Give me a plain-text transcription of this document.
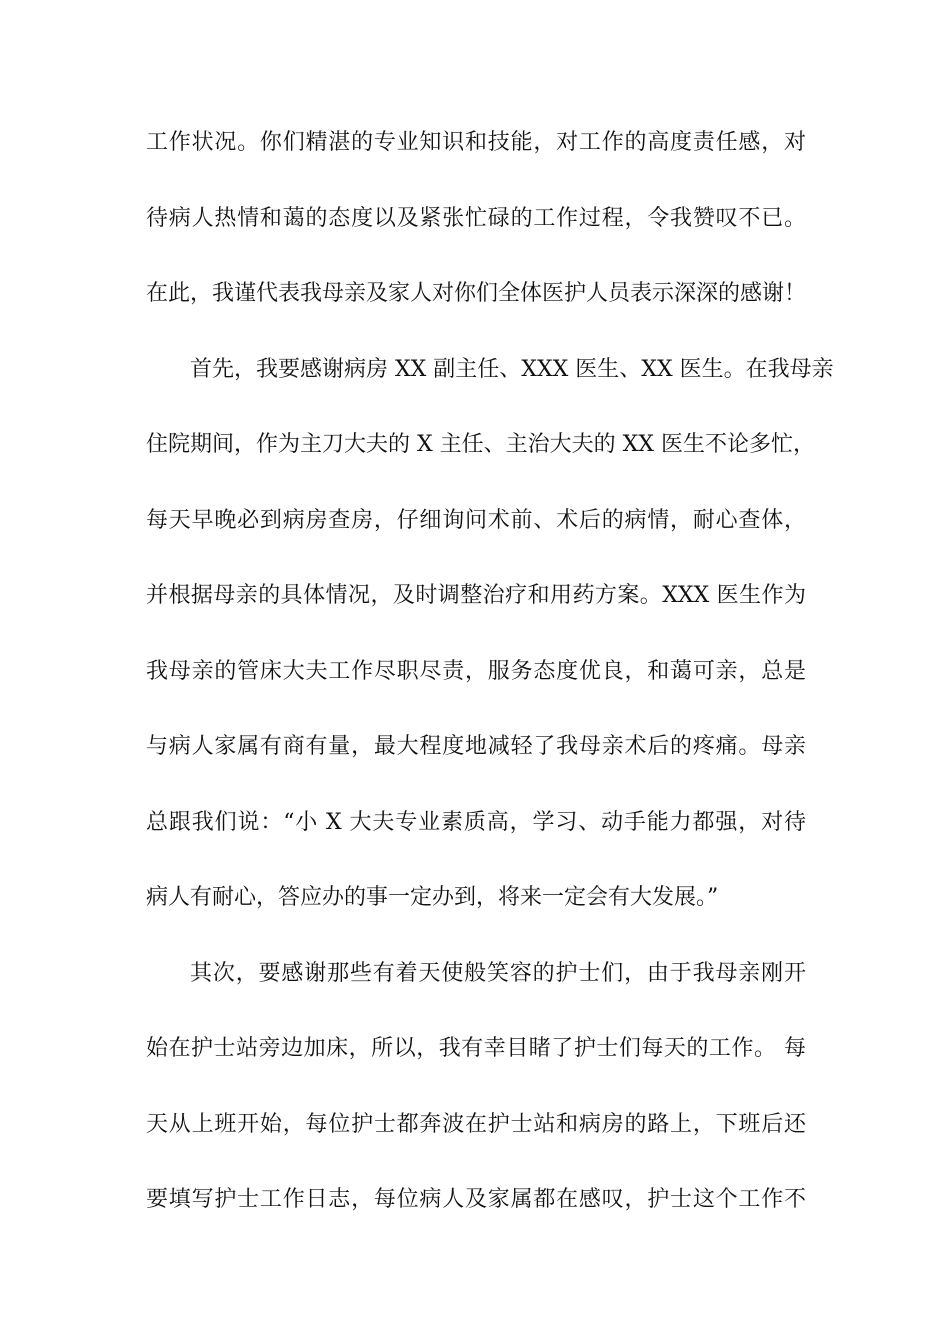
工作状况。你们精湛的专业知识和技能，对工作的高度责任感，对
待病人热情和蔼的态度以及紧张忙碌的工作过程，令我赞叹不已。
在此，我谨代表我母亲及家人对你们全体医护人员表示深深的感谢！
首先，我要感谢病房 XX 副主任、XXX 医生、XX 医生。在我母亲
住院期间，作为主刀大夫的 X 主任、主治大夫的 XX 医生不论多忙，
每天早晚必到病房查房，仔细询问术前、术后的病情，耐心查体，
并根据母亲的具体情况，及时调整治疗和用药方案。XXX 医生作为
我母亲的管床大夫工作尽职尽责，服务态度优良，和蔼可亲，总是
与病人家属有商有量，最大程度地减轻了我母亲术后的疼痛。母亲
总跟我们说：“小 X 大夫专业素质高，学习、动手能力都强，对待
病人有耐心，答应办的事一定办到，将来一定会有大发展。”
其次，要感谢那些有着天使般笑容的护士们，由于我母亲刚开
始在护士站旁边加床，所以，我有幸目睹了护士们每天的工作。 每
天从上班开始，每位护士都奔波在护士站和病房的路上，下班后还
要填写护士工作日志，每位病人及家属都在感叹，护士这个工作不
